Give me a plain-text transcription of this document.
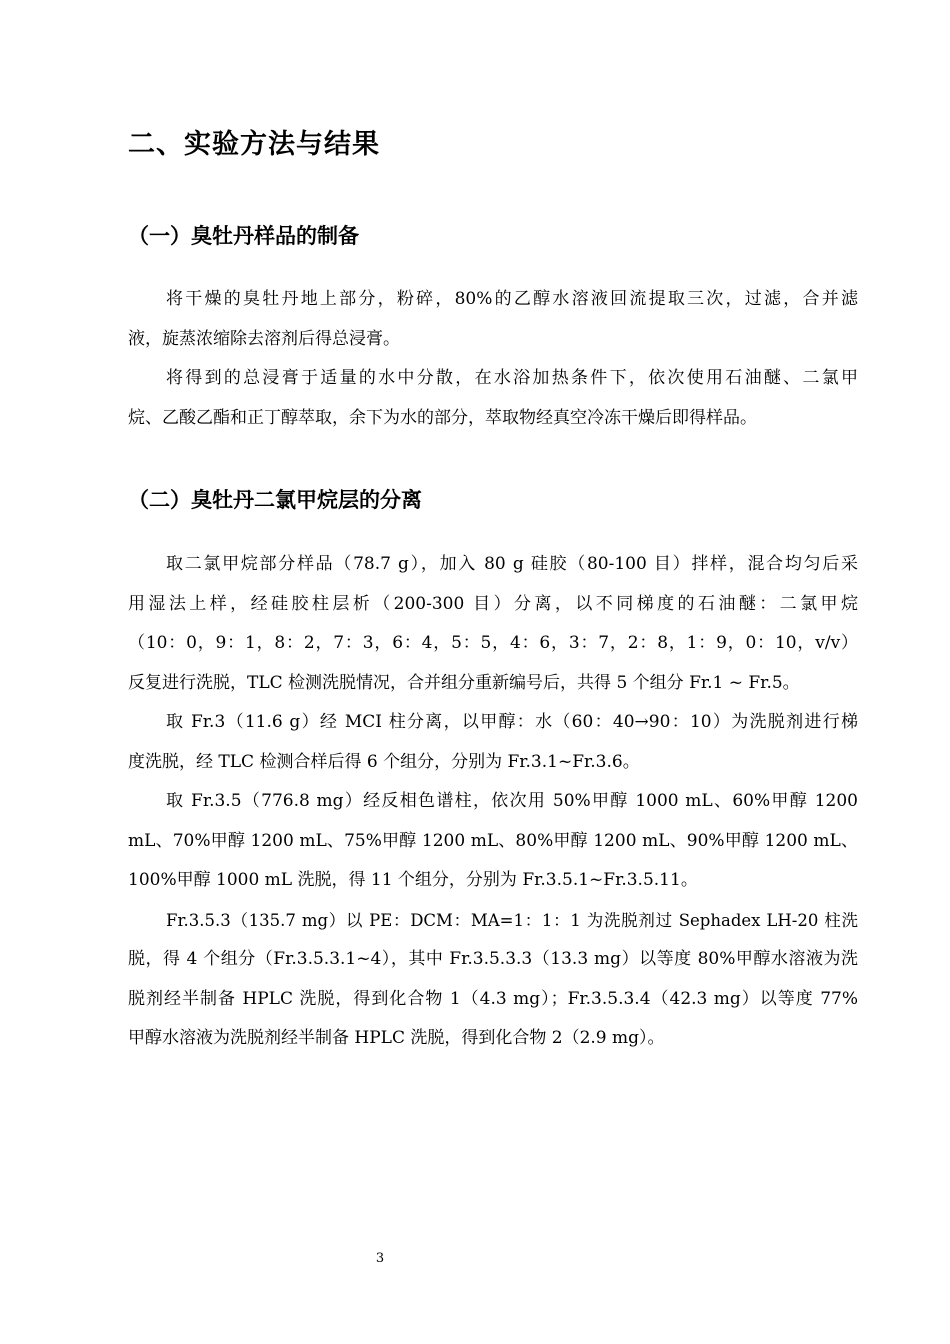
二、实验方法与结果
（一）臭牡丹样品的制备
将干燥的臭牡丹地上部分，粉碎，80%的乙醇水溶液回流提取三次，过滤，合并滤
液，旋蒸浓缩除去溶剂后得总浸膏。
将得到的总浸膏于适量的水中分散，在水浴加热条件下，依次使用石油醚、二氯甲
烷、乙酸乙酯和正丁醇萃取，余下为水的部分，萃取物经真空冷冻干燥后即得样品。
（二）臭牡丹二氯甲烷层的分离
取二氯甲烷部分样品（78.7 g），加入 80 g 硅胶（80-100 目）拌样，混合均匀后采
用湿法上样，经硅胶柱层析（200-300 目）分离，以不同梯度的石油醚：二氯甲烷
（10：0，9：1，8：2，7：3，6：4，5：5，4：6，3：7，2：8，1：9，0：10，v/v）
反复进行洗脱，TLC 检测洗脱情况，合并组分重新编号后，共得 5 个组分 Fr.1 ~ Fr.5。
取 Fr.3（11.6 g）经 MCI 柱分离，以甲醇：水（60：40→90：10）为洗脱剂进行梯
度洗脱，经 TLC 检测合样后得 6 个组分，分别为 Fr.3.1~Fr.3.6。
取 Fr.3.5（776.8 mg）经反相色谱柱，依次用 50%甲醇 1000 mL、60%甲醇 1200
mL、70%甲醇 1200 mL、75%甲醇 1200 mL、80%甲醇 1200 mL、90%甲醇 1200 mL、
100%甲醇 1000 mL 洗脱，得 11 个组分，分别为 Fr.3.5.1~Fr.3.5.11。
Fr.3.5.3（135.7 mg）以 PE：DCM：MA=1：1：1 为洗脱剂过 Sephadex LH-20 柱洗
脱，得 4 个组分（Fr.3.5.3.1~4），其中 Fr.3.5.3.3（13.3 mg）以等度 80%甲醇水溶液为洗
脱剂经半制备 HPLC 洗脱，得到化合物 1（4.3 mg）；Fr.3.5.3.4（42.3 mg）以等度 77%
甲醇水溶液为洗脱剂经半制备 HPLC 洗脱，得到化合物 2（2.9 mg）。
3
